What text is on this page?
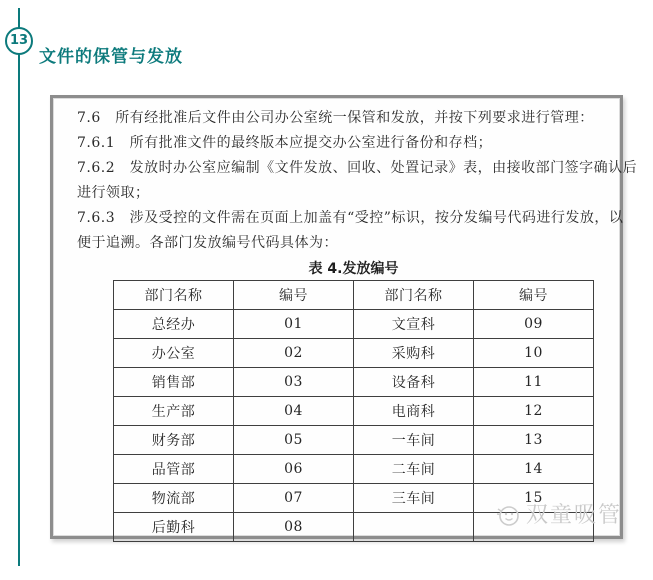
13
文件的保管与发放
7.6　所有经批准后文件由公司办公室统一保管和发放，并按下列要求进行管理：
7.6.1　所有批准文件的最终版本应提交办公室进行备份和存档；
7.6.2　发放时办公室应编制《文件发放、回收、处置记录》表，由接收部门签字确认后
进行领取；
7.6.3　涉及受控的文件需在页面上加盖有“受控”标识，按分发编号代码进行发放，以
便于追溯。各部门发放编号代码具体为：
表 4.发放编号
部门名称	编号	部门名称	编号
总经办	01	文宣科	09
办公室	02	采购科	10
销售部	03	设备科	11
生产部	04	电商科	12
财务部	05	一车间	13
品管部	06	二车间	14
物流部	07	三车间	15
后勤科	08			双童吸管
